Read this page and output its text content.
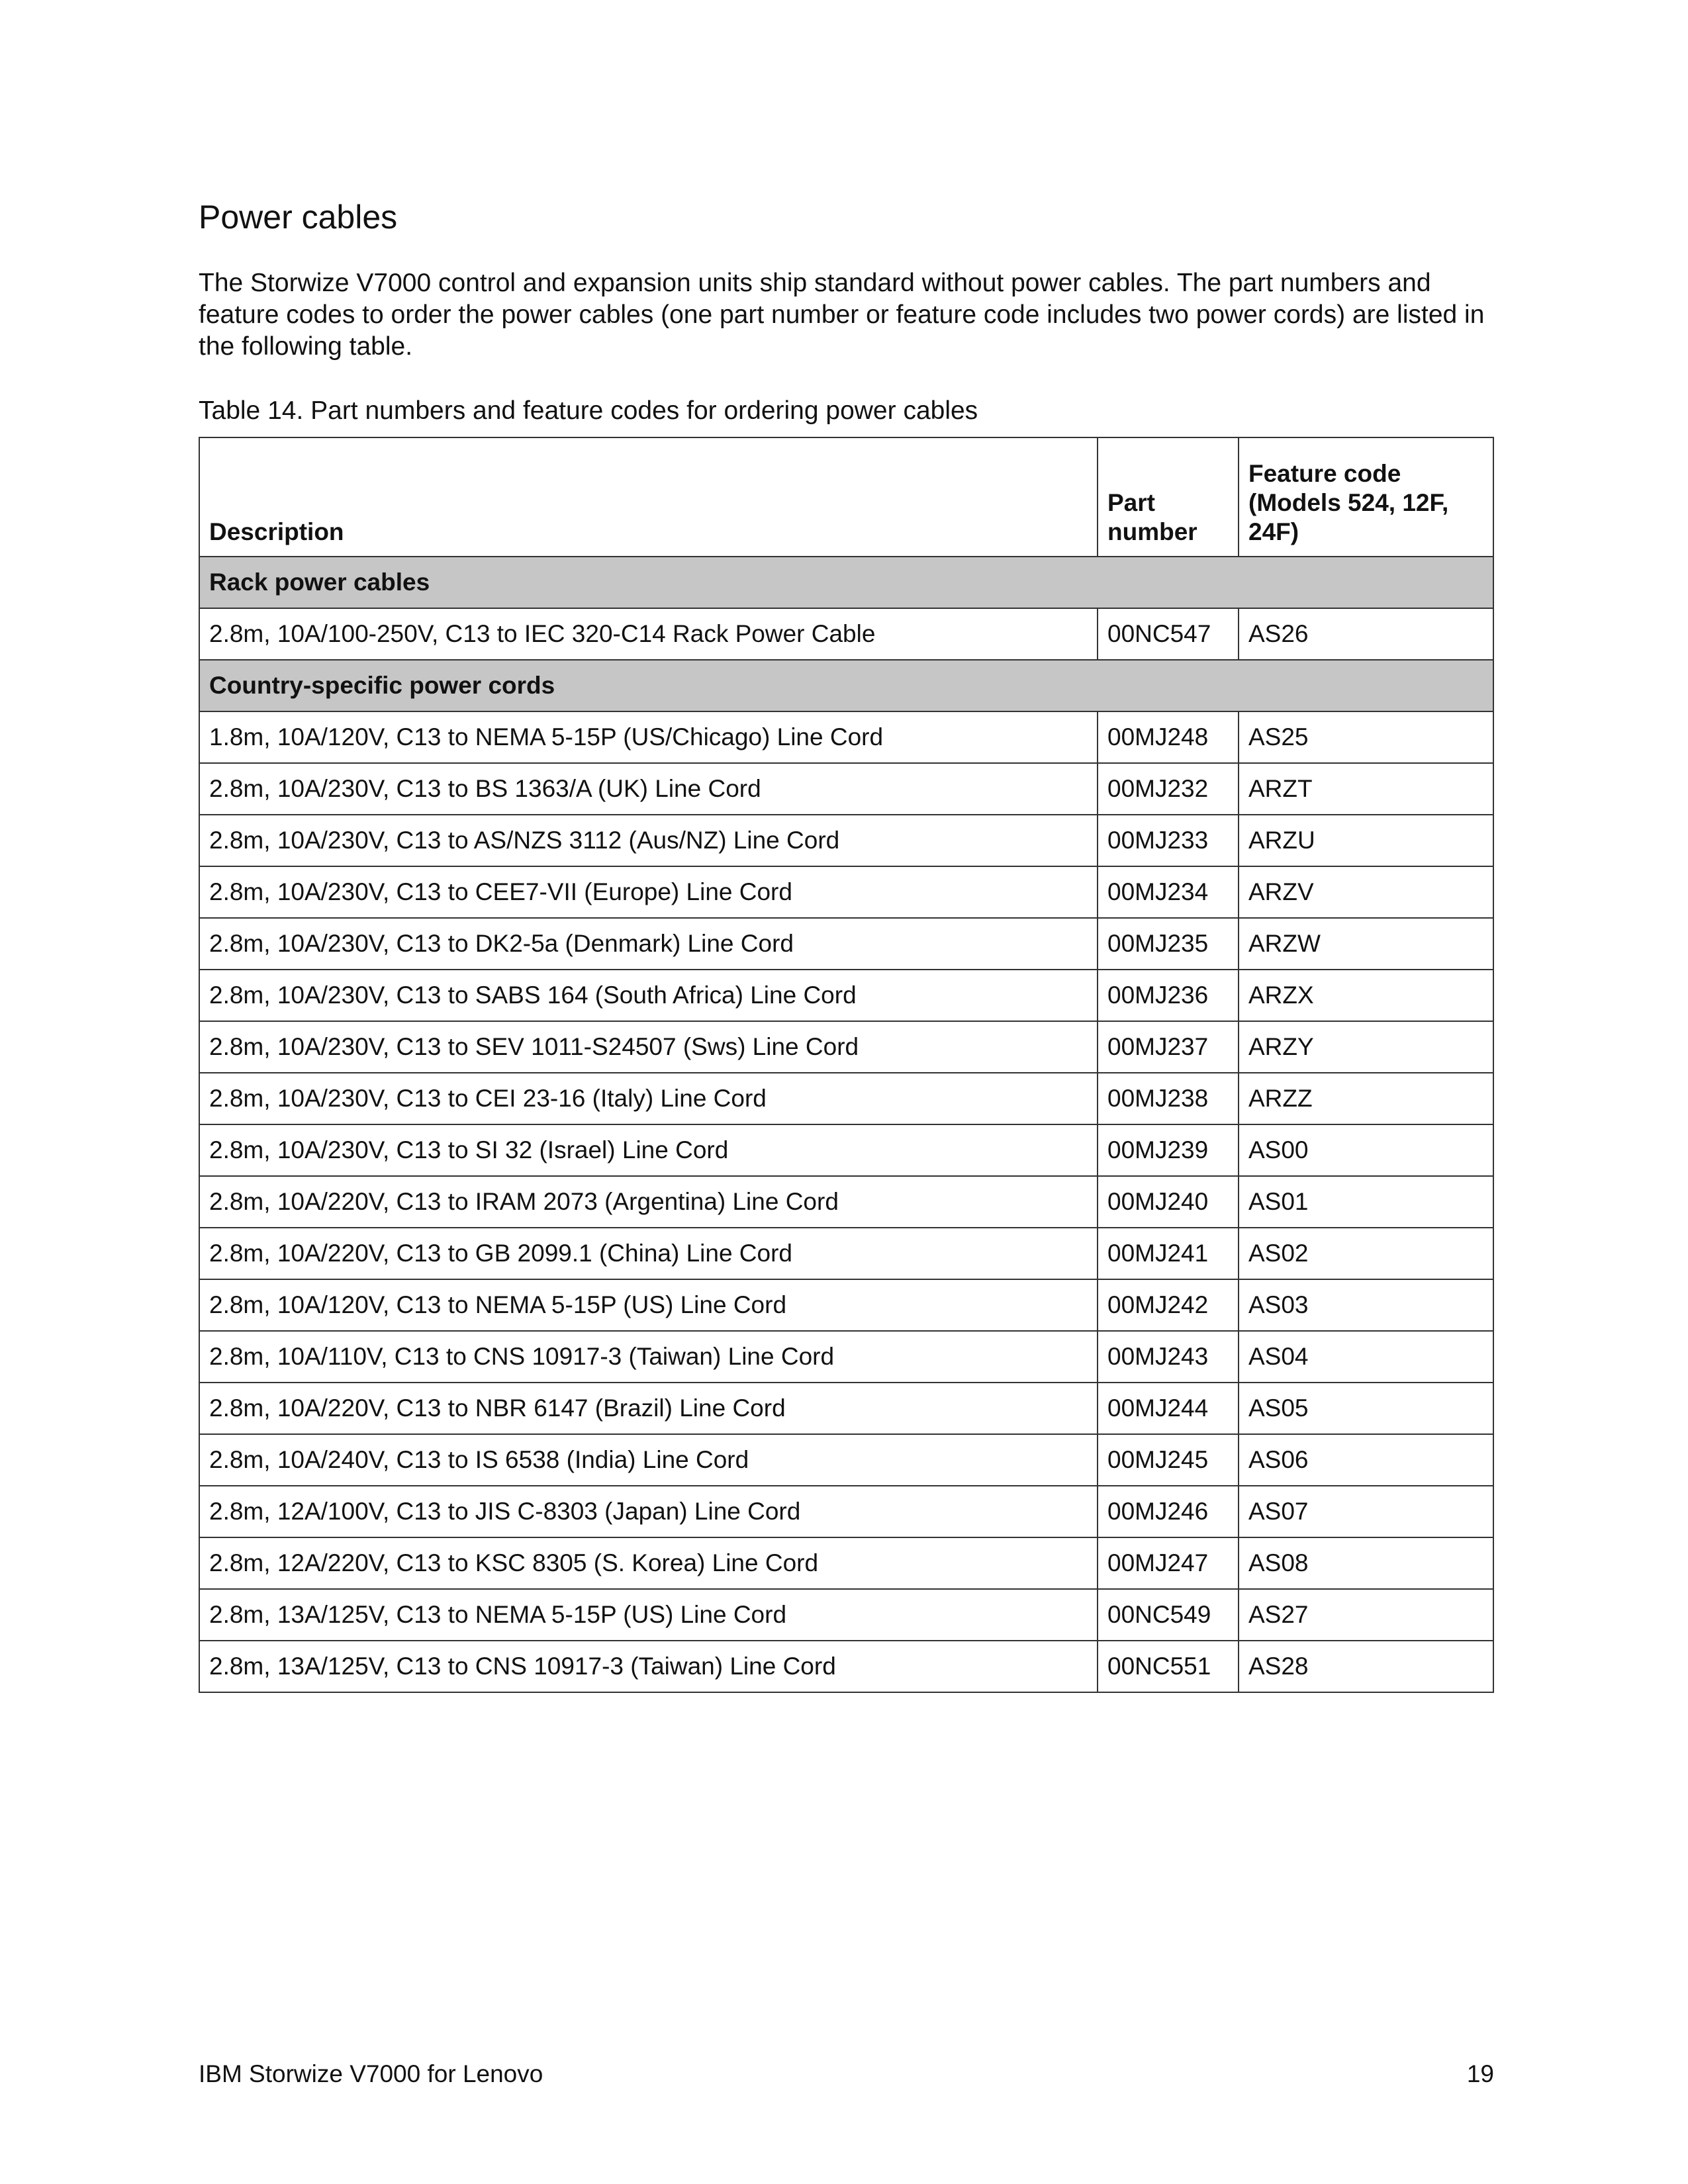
Power cables

The Storwize V7000 control and expansion units ship standard without power cables. The part numbers and feature codes to order the power cables (one part number or feature code includes two power cords) are listed in the following table.

Table 14. Part numbers and feature codes for ordering power cables

Description	Part number	Feature code (Models 524, 12F, 24F)
Rack power cables		
2.8m, 10A/100-250V, C13 to IEC 320-C14 Rack Power Cable	00NC547	AS26
Country-specific power cords		
1.8m, 10A/120V, C13 to NEMA 5-15P (US/Chicago) Line Cord	00MJ248	AS25
2.8m, 10A/230V, C13 to BS 1363/A (UK) Line Cord	00MJ232	ARZT
2.8m, 10A/230V, C13 to AS/NZS 3112 (Aus/NZ) Line Cord	00MJ233	ARZU
2.8m, 10A/230V, C13 to CEE7-VII (Europe) Line Cord	00MJ234	ARZV
2.8m, 10A/230V, C13 to DK2-5a (Denmark) Line Cord	00MJ235	ARZW
2.8m, 10A/230V, C13 to SABS 164 (South Africa) Line Cord	00MJ236	ARZX
2.8m, 10A/230V, C13 to SEV 1011-S24507 (Sws) Line Cord	00MJ237	ARZY
2.8m, 10A/230V, C13 to CEI 23-16 (Italy) Line Cord	00MJ238	ARZZ
2.8m, 10A/230V, C13 to SI 32 (Israel) Line Cord	00MJ239	AS00
2.8m, 10A/220V, C13 to IRAM 2073 (Argentina) Line Cord	00MJ240	AS01
2.8m, 10A/220V, C13 to GB 2099.1 (China) Line Cord	00MJ241	AS02
2.8m, 10A/120V, C13 to NEMA 5-15P (US) Line Cord	00MJ242	AS03
2.8m, 10A/110V, C13 to CNS 10917-3 (Taiwan) Line Cord	00MJ243	AS04
2.8m, 10A/220V, C13 to NBR 6147 (Brazil) Line Cord	00MJ244	AS05
2.8m, 10A/240V, C13 to IS 6538 (India) Line Cord	00MJ245	AS06
2.8m, 12A/100V, C13 to JIS C-8303 (Japan) Line Cord	00MJ246	AS07
2.8m, 12A/220V, C13 to KSC 8305 (S. Korea) Line Cord	00MJ247	AS08
2.8m, 13A/125V, C13 to NEMA 5-15P (US) Line Cord	00NC549	AS27
2.8m, 13A/125V, C13 to CNS 10917-3 (Taiwan) Line Cord	00NC551	AS28
IBM Storwize V7000 for Lenovo	19
